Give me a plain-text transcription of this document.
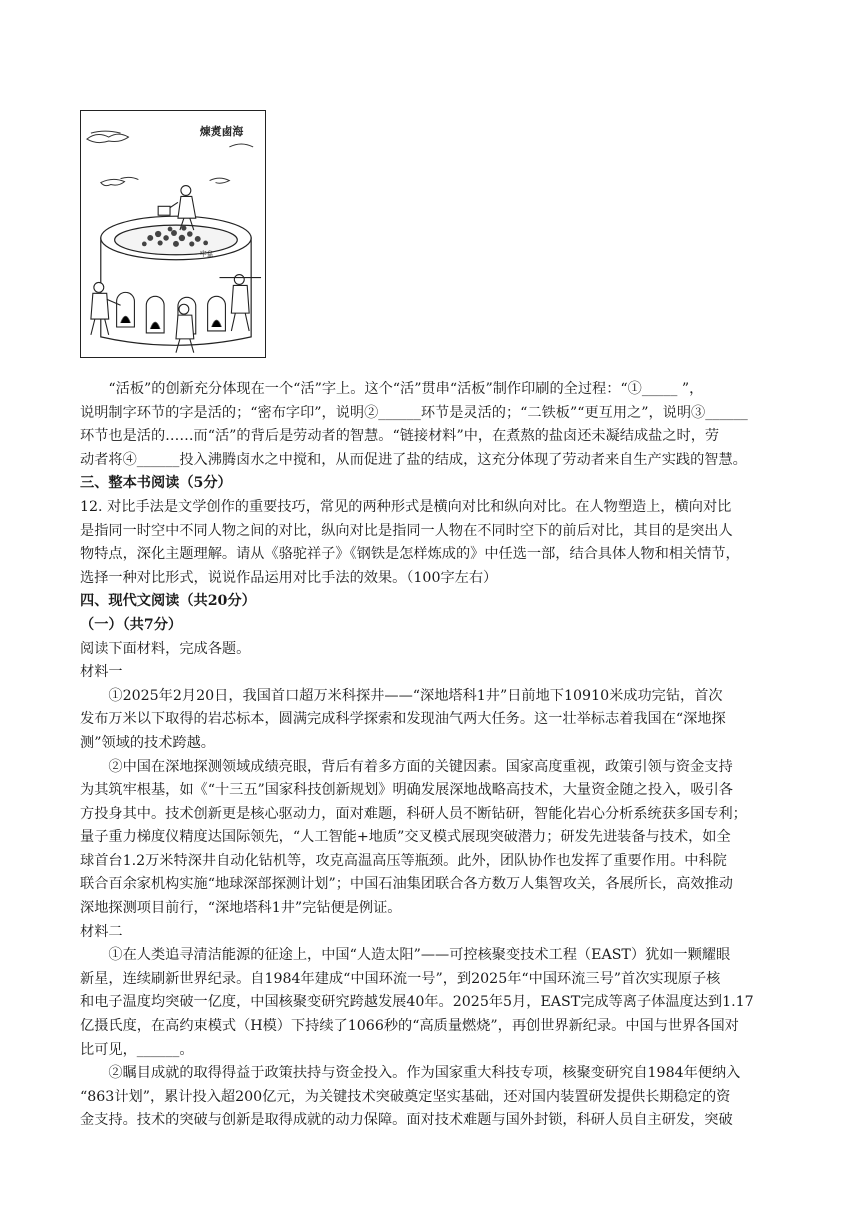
煉煑鹵海
牢盆

“活板”的创新充分体现在一个“活”字上。这个“活”贯串“活板”制作印刷的全过程：“①_____ ”，

说明制字环节的字是活的；“密布字印”，说明②______环节是灵活的；“二铁板”“更互用之”，说明③______

环节也是活的……而“活”的背后是劳动者的智慧。“链接材料”中，在煮熬的盐卤还未凝结成盐之时，劳

动者将④______投入沸腾卤水之中搅和，从而促进了盐的结成，这充分体现了劳动者来自生产实践的智慧。

三、整本书阅读（5分）

12. 对比手法是文学创作的重要技巧，常见的两种形式是横向对比和纵向对比。在人物塑造上，横向对比

是指同一时空中不同人物之间的对比，纵向对比是指同一人物在不同时空下的前后对比，其目的是突出人

物特点，深化主题理解。请从《骆驼祥子》《钢铁是怎样炼成的》中任选一部，结合具体人物和相关情节，

选择一种对比形式，说说作品运用对比手法的效果。（100字左右）

四、现代文阅读（共20分）

（一）（共7分）

阅读下面材料，完成各题。

材料一

①2025年2月20日，我国首口超万米科探井——“深地塔科1井”日前地下10910米成功完钻，首次

发布万米以下取得的岩芯标本，圆满完成科学探索和发现油气两大任务。这一壮举标志着我国在“深地探

测”领域的技术跨越。

②中国在深地探测领域成绩亮眼，背后有着多方面的关键因素。国家高度重视，政策引领与资金支持

为其筑牢根基，如《“十三五”国家科技创新规划》明确发展深地战略高技术，大量资金随之投入，吸引各

方投身其中。技术创新更是核心驱动力，面对难题，科研人员不断钻研，智能化岩心分析系统获多国专利；

量子重力梯度仪精度达国际领先，“人工智能+地质”交叉模式展现突破潜力；研发先进装备与技术，如全

球首台1.2万米特深井自动化钻机等，攻克高温高压等瓶颈。此外，团队协作也发挥了重要作用。中科院

联合百余家机构实施“地球深部探测计划”；中国石油集团联合各方数万人集智攻关，各展所长，高效推动

深地探测项目前行，“深地塔科1井”完钻便是例证。

材料二

①在人类追寻清洁能源的征途上，中国“人造太阳”——可控核聚变技术工程（EAST）犹如一颗耀眼

新星，连续刷新世界纪录。自1984年建成“中国环流一号”，到2025年“中国环流三号”首次实现原子核

和电子温度均突破一亿度，中国核聚变研究跨越发展40年。2025年5月，EAST完成等离子体温度达到1.17

亿摄氏度，在高约束模式（H模）下持续了1066秒的“高质量燃烧”，再创世界新纪录。中国与世界各国对

比可见，______。

②瞩目成就的取得得益于政策扶持与资金投入。作为国家重大科技专项，核聚变研究自1984年便纳入

“863计划”，累计投入超200亿元，为关键技术突破奠定坚实基础，还对国内装置研发提供长期稳定的资

金支持。技术的突破与创新是取得成就的动力保障。面对技术难题与国外封锁，科研人员自主研发，突破
